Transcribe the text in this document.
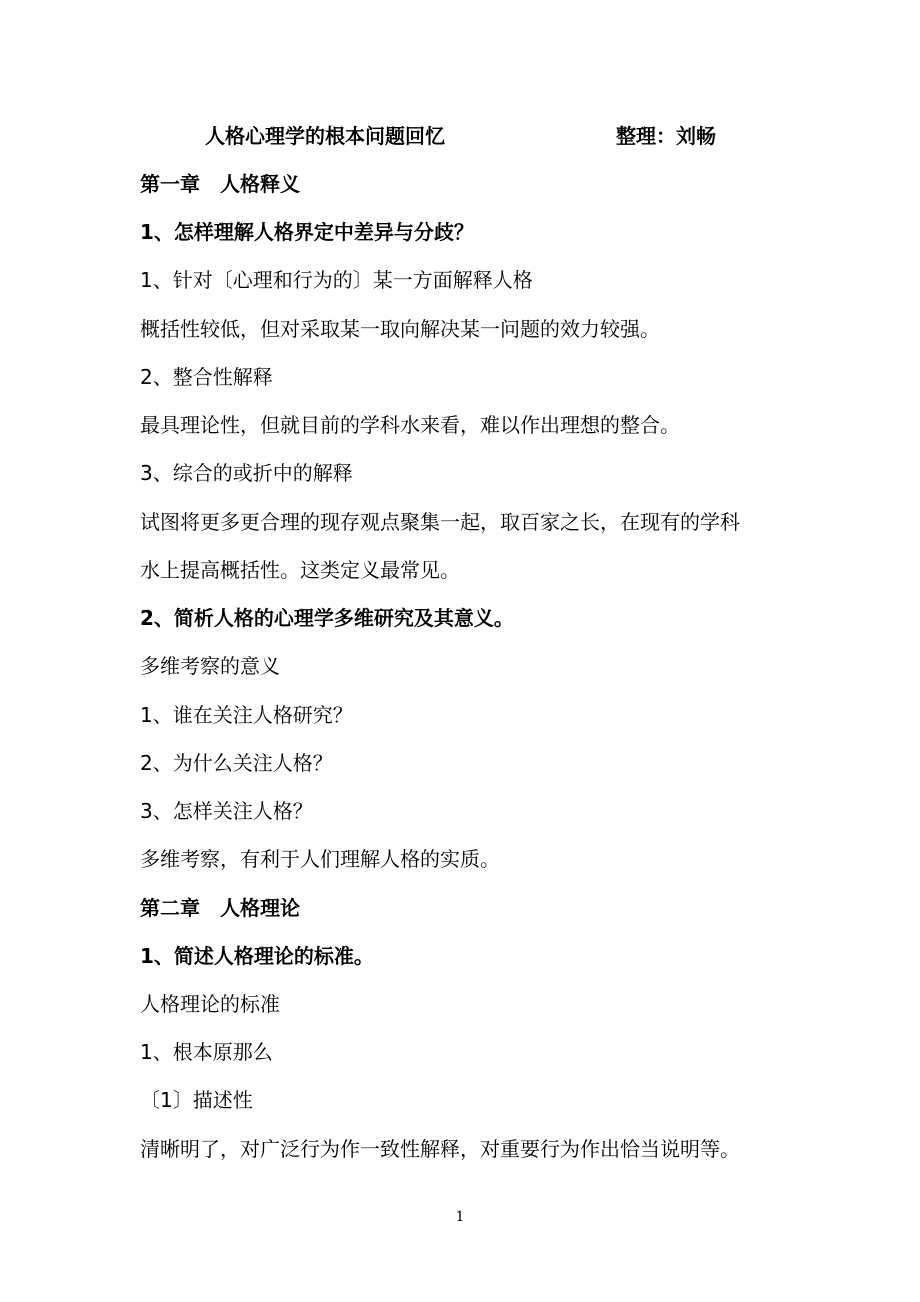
人格心理学的根本问题回忆	整理：刘畅
第一章　人格释义
1、怎样理解人格界定中差异与分歧？
1、针对〔心理和行为的〕某一方面解释人格
概括性较低，但对采取某一取向解决某一问题的效力较强。
2、整合性解释
最具理论性，但就目前的学科水来看，难以作出理想的整合。
3、综合的或折中的解释
试图将更多更合理的现存观点聚集一起，取百家之长，在现有的学科
水上提高概括性。这类定义最常见。
2、简析人格的心理学多维研究及其意义。
多维考察的意义
1、谁在关注人格研究？
2、为什么关注人格？
3、怎样关注人格？
多维考察，有利于人们理解人格的实质。
第二章　人格理论
1、简述人格理论的标准。
人格理论的标准
1、根本原那么
〔1〕描述性
清晰明了，对广泛行为作一致性解释，对重要行为作出恰当说明等。
1
